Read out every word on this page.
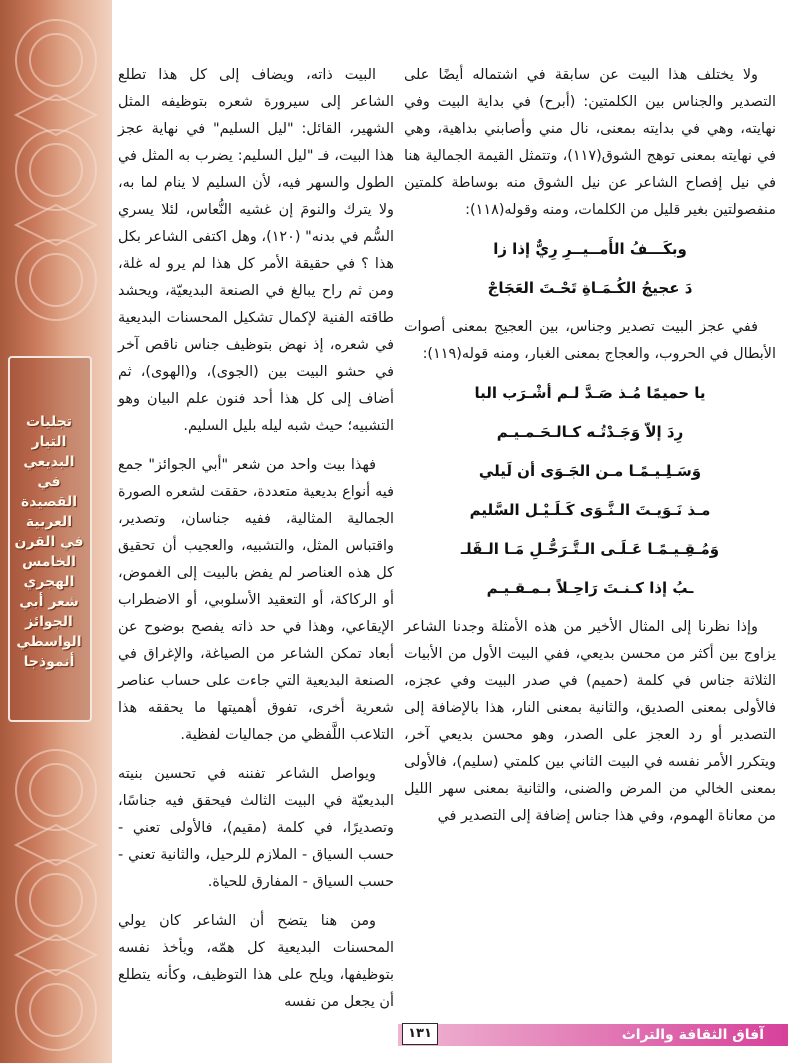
تجليات
التيار
البديعي
في القصيدة
العربية
في القرن
الخامس
الهجري
شعر أبي
الجوائز
الواسطي
أنموذجا

ولا يختلف هذا البيت عن سابقة في اشتماله أيضًا على التصدير والجناس بين الكلمتين: (أبرح) في بداية البيت وفي نهايته، وهي في بدايته بمعنى، نال مني وأصابني بداهية، وهي في نهايته بمعنى توهج الشوق(١١٧)، وتتمثل القيمة الجمالية هنا في نيل إفصاح الشاعر عن نيل الشوق منه بوساطة كلمتين منفصولتين بغير قليل من الكلمات، ومنه وقوله(١١٨):

وبكَـــفُ الأَمــيــرِ رِيٌّ إذا زا

دَ عجيجُ الكُـمَـاةِ تَحْـتَ العَجَاجْ

ففي عجز البيت تصدير وجناس، بين العجيج بمعنى أصوات الأبطال في الحروب، والعجاج بمعنى الغبار، ومنه قوله(١١٩):

يا حميمًا مُـذ صَـدَّ لـم أشْـرَب البا

رِدَ إلاّ وَجَـدْتُـه كـالـحَـمـيـم

وَسَـلِـيـمًـا مـن الجَـوَى أن لَيلي

مـذ نَـوَيـتَ الـنَّـوَى كَـلَـيْـل السَّليم

وَمُـقِـيـمًـا عَـلَـى الـتَّـرَحُّـلِ مَـا الـقَلـ

ـبُ إذا كـنـتَ رَاحِـلاً بـمـقـيـم

وإذا نظرنا إلى المثال الأخير من هذه الأمثلة وجدنا الشاعر يزاوج بين أكثر من محسن بديعي، ففي البيت الأول من الأبيات الثلاثة جناس في كلمة (حميم) في صدر البيت وفي عجزه، فالأولى بمعنى الصديق، والثانية بمعنى النار، هذا بالإضافة إلى التصدير أو رد العجز على الصدر، وهو محسن بديعي آخر، ويتكرر الأمر نفسه في البيت الثاني بين كلمتي (سليم)، فالأولى بمعنى الخالي من المرض والضنى، والثانية بمعنى سهر الليل من معاناة الهموم، وفي هذا جناس إضافة إلى التصدير في

البيت ذاته، ويضاف إلى كل هذا تطلع الشاعر إلى سيرورة شعره بتوظيفه المثل الشهير، القائل: "ليل السليم" في نهاية عجز هذا البيت، فـ "ليل السليم: يضرب به المثل في الطول والسهر فيه، لأن السليم لا ينام لما به، ولا يترك والنومَ إن غشيه النُّعاس، لئلا يسري السُّم في بدنه" (١٢٠)، وهل اكتفى الشاعر بكل هذا ؟ في حقيقة الأمر كل هذا لم يرو له غلة، ومن ثم راح يبالغ في الصنعة البديعيّة، ويحشد طاقته الفنية لإكمال تشكيل المحسنات البديعية في شعره، إذ نهض بتوظيف جناس ناقص آخر في حشو البيت بين (الجوى)، و(الهوى)، ثم أضاف إلى كل هذا أحد فنون علم البيان وهو التشبيه؛ حيث شبه ليله بليل السليم.

فهذا بيت واحد من شعر "أبي الجوائز" جمع فيه أنواع بديعية متعددة، حققت لشعره الصورة الجمالية المثالية، ففيه جناسان، وتصدير، واقتباس المثل، والتشبيه، والعجيب أن تحقيق كل هذه العناصر لم يفض بالبيت إلى الغموض، أو الركاكة، أو التعقيد الأسلوبي، أو الاضطراب الإيقاعي، وهذا في حد ذاته يفصح بوضوح عن أبعاد تمكن الشاعر من الصياغة، والإغراق في الصنعة البديعية التي جاءت على حساب عناصر شعرية أخرى، تفوق أهميتها ما يحققه هذا التلاعب اللَّفظي من جماليات لفظية.

ويواصل الشاعر تفننه في تحسين بنيته البديعيّة في البيت الثالث فيحقق فيه جناسًا، وتصديرًا، في كلمة (مقيم)، فالأولى تعني - حسب السياق - الملازم للرحيل، والثانية تعني - حسب السياق - المفارق للحياة.

ومن هنا يتضح أن الشاعر كان يولي المحسنات البديعية كل همّه، ويأخذ نفسه بتوظيفها، ويلح على هذا التوظيف، وكأنه يتطلع أن يجعل من نفسه

آفاق الثقافة والتراث
١٣١
